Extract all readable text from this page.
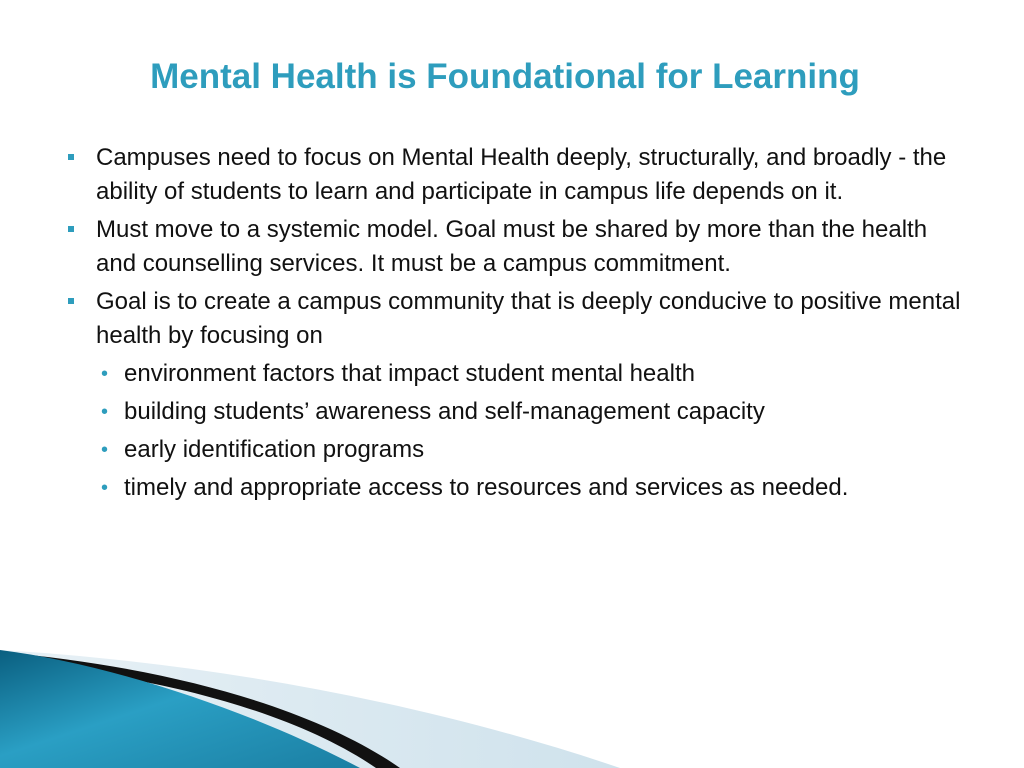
Mental Health is Foundational for Learning
Campuses need to focus on Mental Health deeply, structurally, and broadly - the ability of students to learn and participate in campus life depends on it.
Must move to a systemic model. Goal must be shared by more than the health and counselling services. It must be a campus commitment.
Goal is to create a campus community that is deeply conducive to positive mental health by focusing on
• environment factors that impact student mental health
• building students’ awareness and self-management capacity
• early identification programs
• timely and appropriate access to resources and services as needed.
